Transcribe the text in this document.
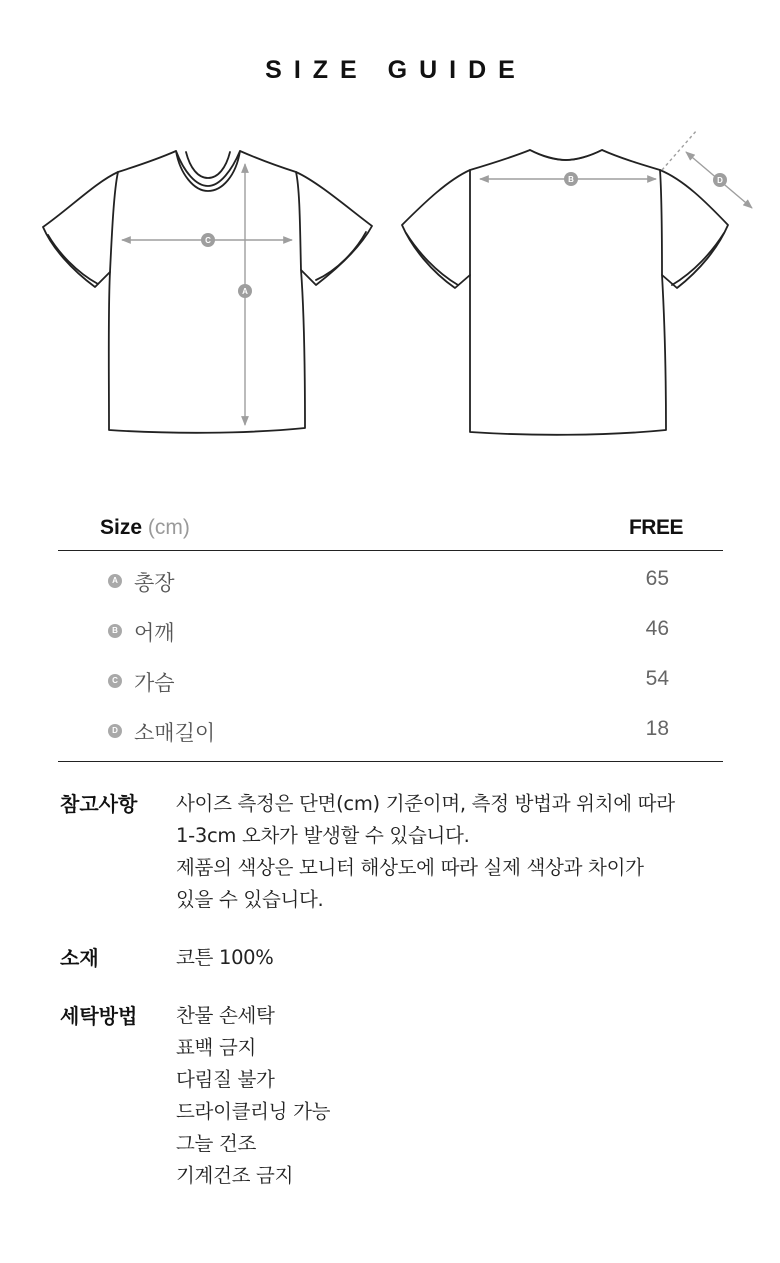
SIZE GUIDE
A
C
B	D
Size (cm)	FREE
A 총장	65
B 어깨	46
C 가슴	54
D 소매길이	18
참고사항 사이즈 측정은 단면(cm) 기준이며, 측정 방법과 위치에 따라
1-3cm 오차가 발생할 수 있습니다.
제품의 색상은 모니터 해상도에 따라 실제 색상과 차이가
있을 수 있습니다.
소재	코튼 100%
세탁방법 찬물 손세탁
표백 금지
다림질 불가
드라이클리닝 가능
그늘 건조
기계건조 금지
